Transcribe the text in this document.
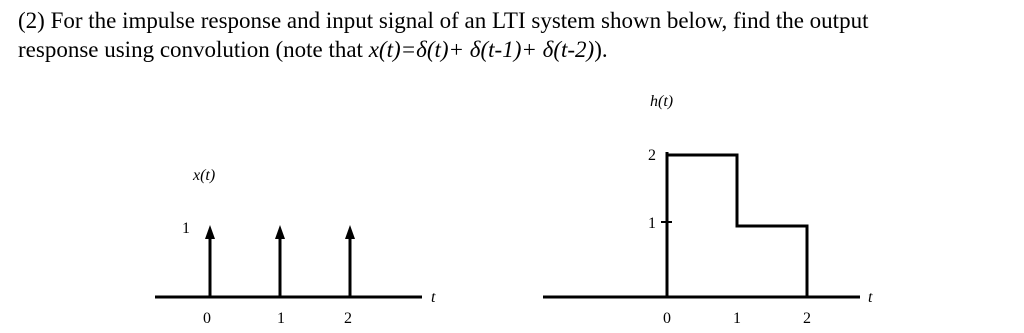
(2) For the impulse response and input signal of an LTI system shown below, find the output
response using convolution (note that x(t)=δ(t)+ δ(t-1)+ δ(t-2)).
x(t)
1
t
0	1	2
h(t)
2
1
t
0	1	2
